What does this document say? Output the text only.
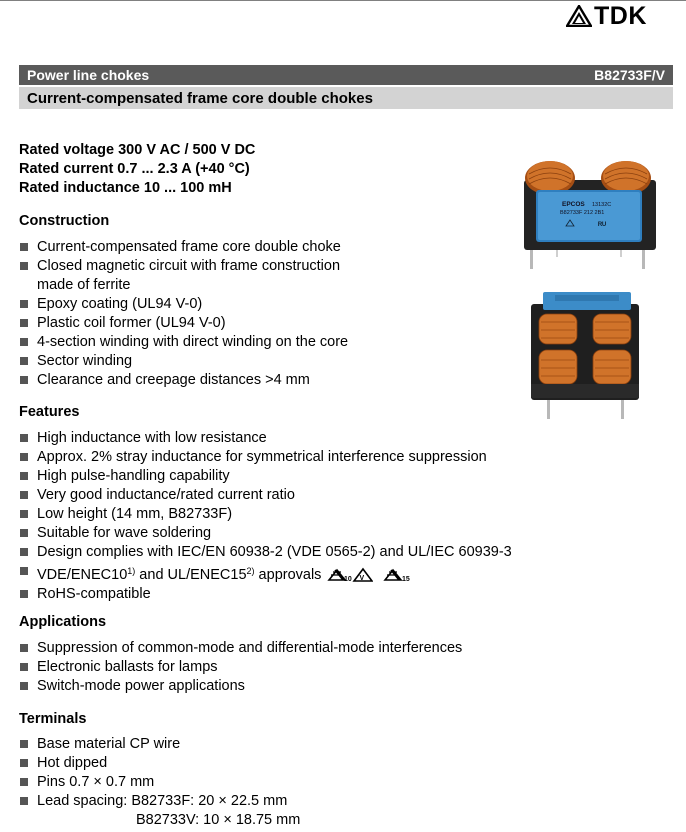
TDK
Power line chokes	B82733F/V
Current-compensated frame core double chokes
Rated voltage 300 V AC / 500 V DC
Rated current 0.7 ... 2.3 A (+40 °C)
Rated inductance 10 ... 100 mH
Construction
Current-compensated frame core double choke
Closed magnetic circuit with frame construction
made of ferrite
Epoxy coating (UL94 V-0)
Plastic coil former (UL94 V-0)
4-section winding with direct winding on the core
Sector winding
Clearance and creepage distances >4 mm
Features
High inductance with low resistance
Approx. 2% stray inductance for symmetrical interference suppression
High pulse-handling capability
Very good inductance/rated current ratio
Low height (14 mm, B82733F)
Suitable for wave soldering
Design complies with IEC/EN 60938-2 (VDE 0565-2) and UL/IEC 60939-3
VDE/ENEC10$^{1)}$ and UL/ENEC15$^{2)}$ approvals	10 V	15
RoHS-compatible
Applications
Suppression of common-mode and differential-mode interferences
Electronic ballasts for lamps
Switch-mode power applications
Terminals
Base material CP wire
Hot dipped
Pins 0.7 × 0.7 mm
Lead spacing: B82733F: 20 × 22.5 mm
B82733V: 10 × 18.75 mm
EPCOS 13132C
B82733F 212 2B1
ᴿᵁ
